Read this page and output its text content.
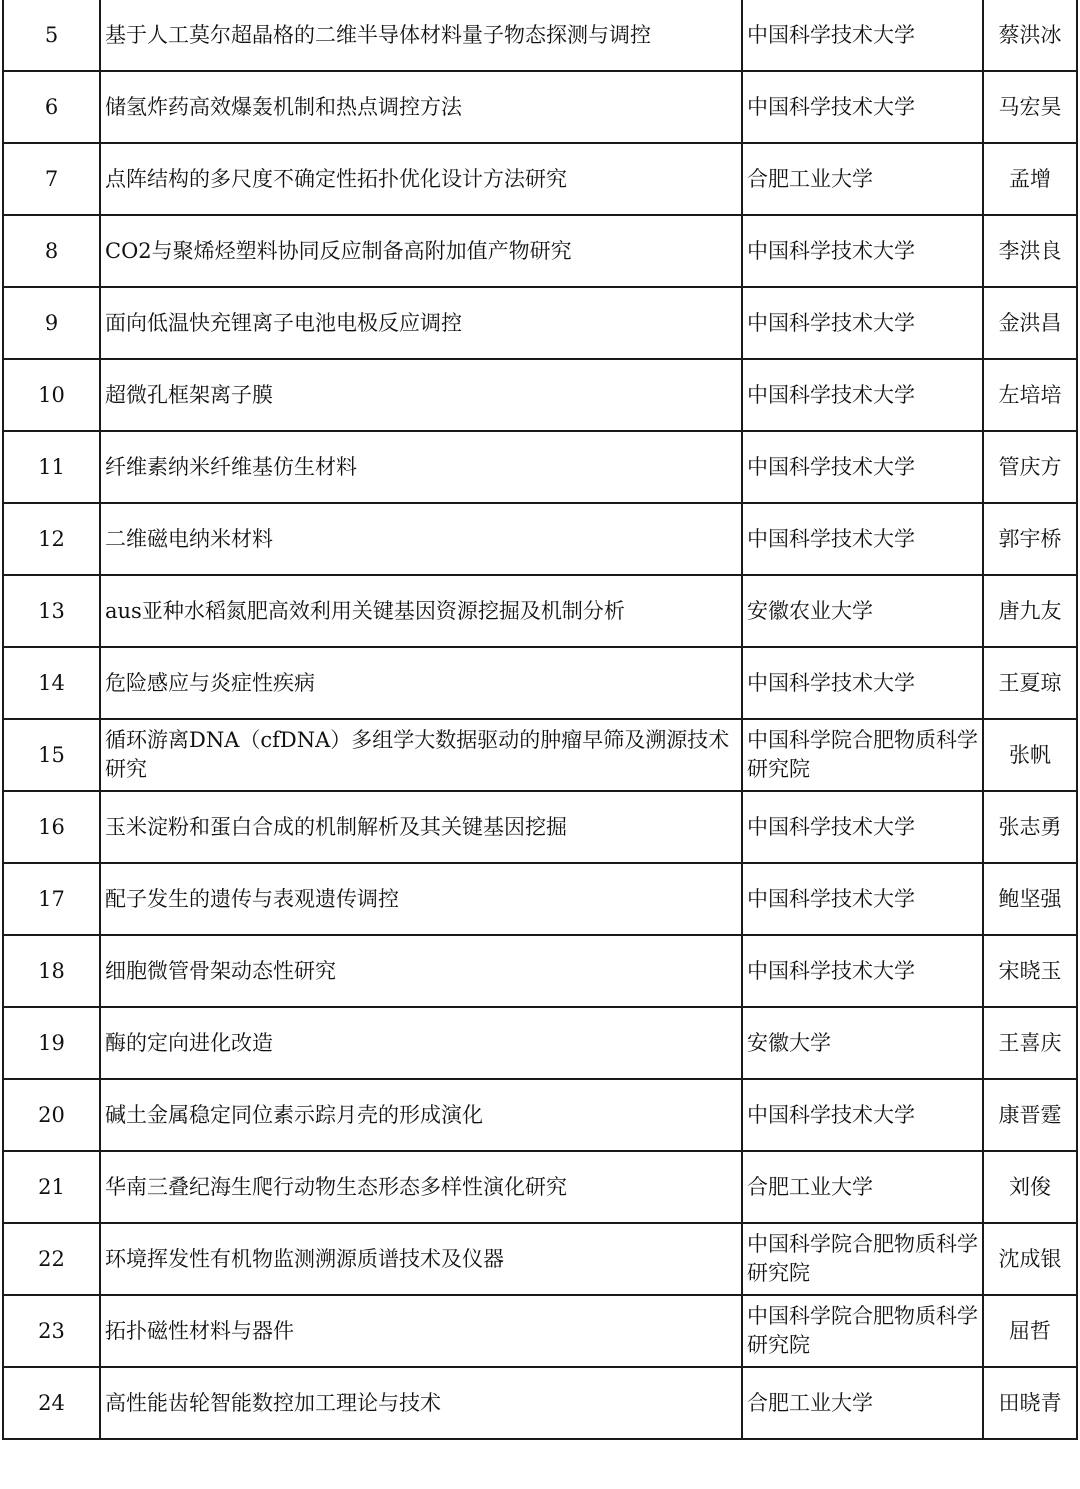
5	基于人工莫尔超晶格的二维半导体材料量子物态探测与调控	中国科学技术大学	蔡洪冰
6	储氢炸药高效爆轰机制和热点调控方法	中国科学技术大学	马宏昊
7	点阵结构的多尺度不确定性拓扑优化设计方法研究	合肥工业大学	孟增
8	CO2与聚烯烃塑料协同反应制备高附加值产物研究	中国科学技术大学	李洪良
9	面向低温快充锂离子电池电极反应调控	中国科学技术大学	金洪昌
10	超微孔框架离子膜	中国科学技术大学	左培培
11	纤维素纳米纤维基仿生材料	中国科学技术大学	管庆方
12	二维磁电纳米材料	中国科学技术大学	郭宇桥
13	aus亚种水稻氮肥高效利用关键基因资源挖掘及机制分析	安徽农业大学	唐九友
14	危险感应与炎症性疾病	中国科学技术大学	王夏琼
15	循环游离DNA（cfDNA）多组学大数据驱动的肿瘤早筛及溯源技术研究	中国科学院合肥物质科学研究院	张帆
16	玉米淀粉和蛋白合成的机制解析及其关键基因挖掘	中国科学技术大学	张志勇
17	配子发生的遗传与表观遗传调控	中国科学技术大学	鲍坚强
18	细胞微管骨架动态性研究	中国科学技术大学	宋晓玉
19	酶的定向进化改造	安徽大学	王喜庆
20	碱土金属稳定同位素示踪月壳的形成演化	中国科学技术大学	康晋霆
21	华南三叠纪海生爬行动物生态形态多样性演化研究	合肥工业大学	刘俊
22	环境挥发性有机物监测溯源质谱技术及仪器	中国科学院合肥物质科学研究院	沈成银
23	拓扑磁性材料与器件	中国科学院合肥物质科学研究院	屈哲
24	高性能齿轮智能数控加工理论与技术	合肥工业大学	田晓青
